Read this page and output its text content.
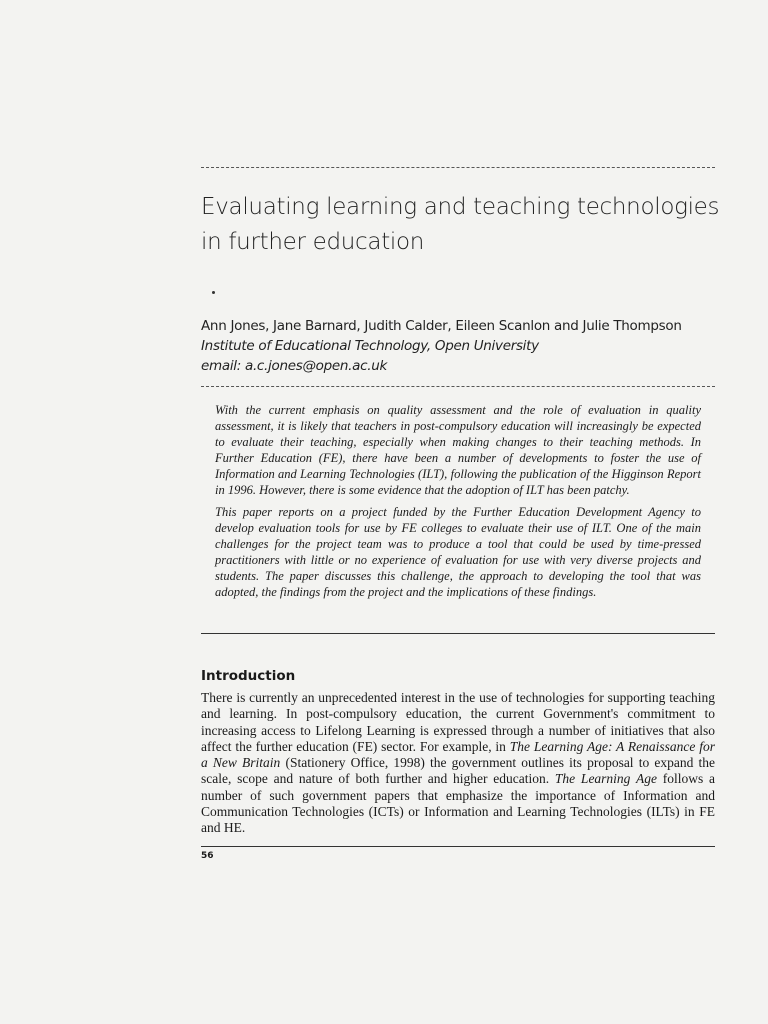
Evaluating learning and teaching technologies in further education
Ann Jones, Jane Barnard, Judith Calder, Eileen Scanlon and Julie Thompson
Institute of Educational Technology, Open University
email: a.c.jones@open.ac.uk

With the current emphasis on quality assessment and the role of evaluation in quality assessment, it is likely that teachers in post-compulsory education will increasingly be expected to evaluate their teaching, especially when making changes to their teaching methods. In Further Education (FE), there have been a number of developments to foster the use of Information and Learning Technologies (ILT), following the publication of the Higginson Report in 1996. However, there is some evidence that the adoption of ILT has been patchy.

This paper reports on a project funded by the Further Education Development Agency to develop evaluation tools for use by FE colleges to evaluate their use of ILT. One of the main challenges for the project team was to produce a tool that could be used by time-pressed practitioners with little or no experience of evaluation for use with very diverse projects and students. The paper discusses this challenge, the approach to developing the tool that was adopted, the findings from the project and the implications of these findings.

Introduction

There is currently an unprecedented interest in the use of technologies for supporting teaching and learning. In post-compulsory education, the current Government's commitment to increasing access to Lifelong Learning is expressed through a number of initiatives that also affect the further education (FE) sector. For example, in The Learning Age: A Renaissance for a New Britain (Stationery Office, 1998) the government outlines its proposal to expand the scale, scope and nature of both further and higher education. The Learning Age follows a number of such government papers that emphasize the importance of Information and Communication Technologies (ICTs) or Information and Learning Technologies (ILTs) in FE and HE.

56
